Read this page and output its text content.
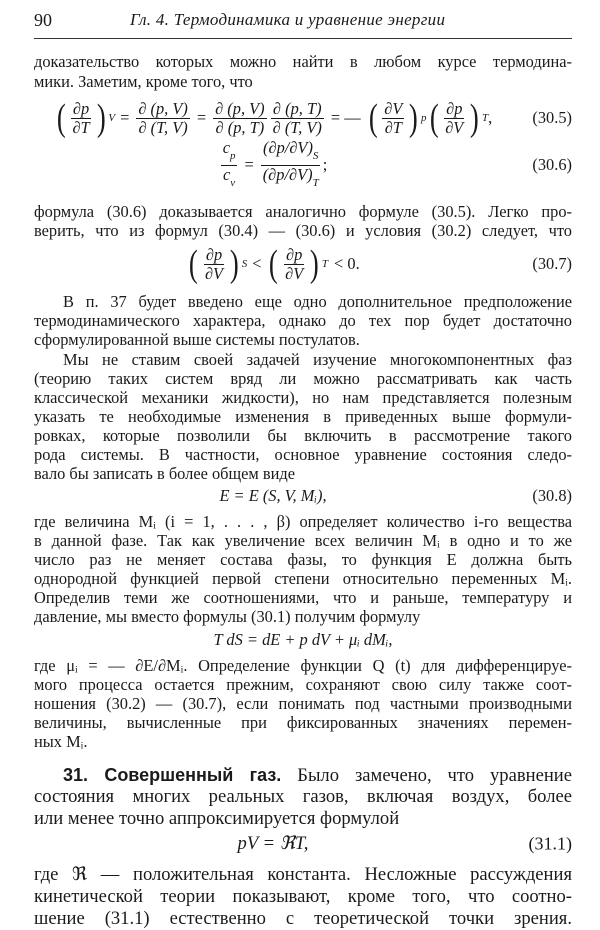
90	Гл. 4. Термодинамика и уравнение энергии
доказательство которых можно найти в любом курсе термодина-
мики. Заметим, кроме того, что
( $\frac{\partial p}{\partial T}$ ) $V = \frac{\partial (p, V)}{\partial (T, V)} = \frac{\partial (p, V)}{\partial (p, T)} \frac{\partial (p, T)}{\partial (T, V)}$ = — ( $\frac{\partial V}{\partial T}$ ) p ( $\frac{\partial p}{\partial V}$ ) T , (30.5)
$\frac{c_p}{c_v} = \frac{(\partial p/\partial V)_S}{(\partial p/\partial V)_T}$ ;	(30.6)
формула (30.6) доказывается аналогично формуле (30.5). Легко про-
верить, что из формул (30.4) — (30.6) и условия (30.2) следует, что
( $\frac{\partial p}{\partial V}$ ) S < ( $\frac{\partial p}{\partial V}$ ) T < 0.	(30.7)
В п. 37 будет введено еще одно дополнительное предположение
термодинамического характера, однако до тех пор будет достаточно
сформулированной выше системы постулатов.
Мы не ставим своей задачей изучение многокомпонентных фаз
(теорию таких систем вряд ли можно рассматривать как часть
классической механики жидкости), но нам представляется полезным
указать те необходимые изменения в приведенных выше формули-
ровках, которые позволили бы включить в рассмотрение такого
рода системы. В частности, основное уравнение состояния следо-
вало бы записать в более общем виде
E = E (S, V, Mᵢ),	(30.8)
где величина Mᵢ (i = 1, . . . , β) определяет количество i-го вещества
в данной фазе. Так как увеличение всех величин Mᵢ в одно и то же
число раз не меняет состава фазы, то функция E должна быть
однородной функцией первой степени относительно переменных Mᵢ.
Определив теми же соотношениями, что и раньше, температуру и
давление, мы вместо формулы (30.1) получим формулу
T dS = dE + p dV + μᵢ dMᵢ,
где μᵢ = — ∂E/∂Mᵢ. Определение функции Q (t) для дифференцируе-
мого процесса остается прежним, сохраняют свою силу также соот-
ношения (30.2) — (30.7), если понимать под частными производными
величины, вычисленные при фиксированных значениях перемен-
ных Mᵢ.
31. Совершенный газ. Было замечено, что уравнение
состояния многих реальных газов, включая воздух, более
или менее точно аппроксимируется формулой
pV = ℜT,	(31.1)
где ℜ — положительная константа. Несложные рассуждения
кинетической теории показывают, кроме того, что соотно-
шение (31.1) естественно с теоретической точки зрения.
